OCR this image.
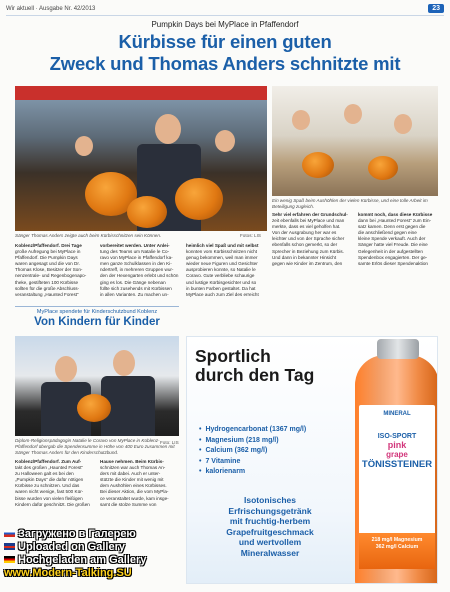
Wir aktuell · Ausgabe Nr. 42/2013	23
Pumpkin Days bei MyPlace in Pfaffendorf
Kürbisse für einen guten
Zweck und Thomas Anders schnitzte mit
Sänger Thomas Anders zeigte auch beim Kürbisschnitzen sein Können.	Fotos: LIS
Ein wenig Spaß beim Aushöhlen der vielen Kürbisse, und eine tolle Arbeit im Beteiligung zugleich.
Koblenz/Pfaffendorf. Drei Tage
große Aufregung bei MyPlace in
Pfaffendorf. Die Pumpkin Days
waren angesagt und die von Dr.
Thomas Klose, Besitzer der Son-
nenzentrale- und Regenbogenapo-
theke, gestifteten 100 Kürbisse
sollten für die große Abschluss-
veranstaltung „Haunted Forest“
vorbereitet werden. Unter Anlei-
tung des Teams um Natalie le Co-
ravo von MyPlace in Pfaffendorf ka-
men ganze Schulklassen in den Ki-
ndertreff, in mehreren Gruppen wur-
den der Hexengarten erlebt und schön
ging es los. Die Gänge nebenan
füllte sich zusehends mit Kürbissen
in allen Varianten. Zu machen un-
heimlich viel Spaß und mit selbst
konnten vom Kürbisschnitzen nicht
genug bekommen, weil man immer
wieder neue Figuren und Gesichter
ausprobieren konnte, so Natalie le
Coravo. Gute verbliebe schaurige
und lustige Kürbisgesichter und so
in bunten Farben gestaltet. Da hat
MyPlace auch zum Ziel des erreicht
Sehr viel erfahren der Grundschul-
zeit ebenfalls bei MyPlace und man
merkte, dass es viel geholfen hat.
Von der Ausgrabung her war es
leichter und von der Sprache sicher
ebenfalls schon gemerkt, so der
Sprecher in Beziehung zum Kürbis.
Und dann in bekannter Hinsicht
gegen wie Kinder im Zentrum, den
kommt noch, dass diese Kürbisse
dann bei „Haunted Forest“ zum Ein-
satz kamen. Denn erst gegen die
die anschließend gegen eine
kleine Spende verkauft. Auch der
Sänger hatte viel Freude. Die eine
Gelegenheit in der aufgestellten
Spendenbox engagierten. Der ge-
samte Erlös dieser Spendenaktion
MyPlace spendete für Kinderschutzbund Koblenz
Von Kindern für Kinder
Diplom-Religionspädagogin Natalie le Coravo von MyPlace in Koblenz-Pfaffendorf übergab die Spendensumme in Höhe von 400 Euro zusammen mit Sänger Thomas Anders für den Kinderschutzbund.
Foto: LIS
Koblenz/Pfaffendorf. Zum Auf-
takt des großen „Haunted Forest“
zu Halloween galt es bei den
„Pumpkin Days“ die dafür nötigen
Kürbisse zu schnitzen. Und das
waren nicht wenige, fast 500 Kür-
bisse wurden von vielen fleißigen
Kindern dafür geschnitzt. Die großen
Hause nehmen. Beim Kürbis-
schnitzen war auch Thomas An-
ders mit dabei. Auch er unter-
stützte die Kinder mit wenig mit
dem Aushöhlen eines Kürbisses.
Bei dieser Aktion, die vom MyPla-
ce veranstaltet wurde, kam insge-
samt die stolze Summe von
Sportlich
durch den Tag
• Hydrogencarbonat (1367 mg/l)
• Magnesium (218 mg/l)
• Calcium (362 mg/l)
• 7 Vitamine
• kalorienarm
Isotonisches
Erfrischungsgetränk
mit fruchtig-herbem
Grapefruitgeschmack
und wertvollem
Mineralwasser
MINERAL
ISO-SPORT
pink
grape
TÖNISSTEINER
218 mg/l Magnesium
362 mg/l Calcium
Загружено в Галерею
Uploaded on Gallery
Hochgeladen am Gallery
www.Modern-Talking.SU
